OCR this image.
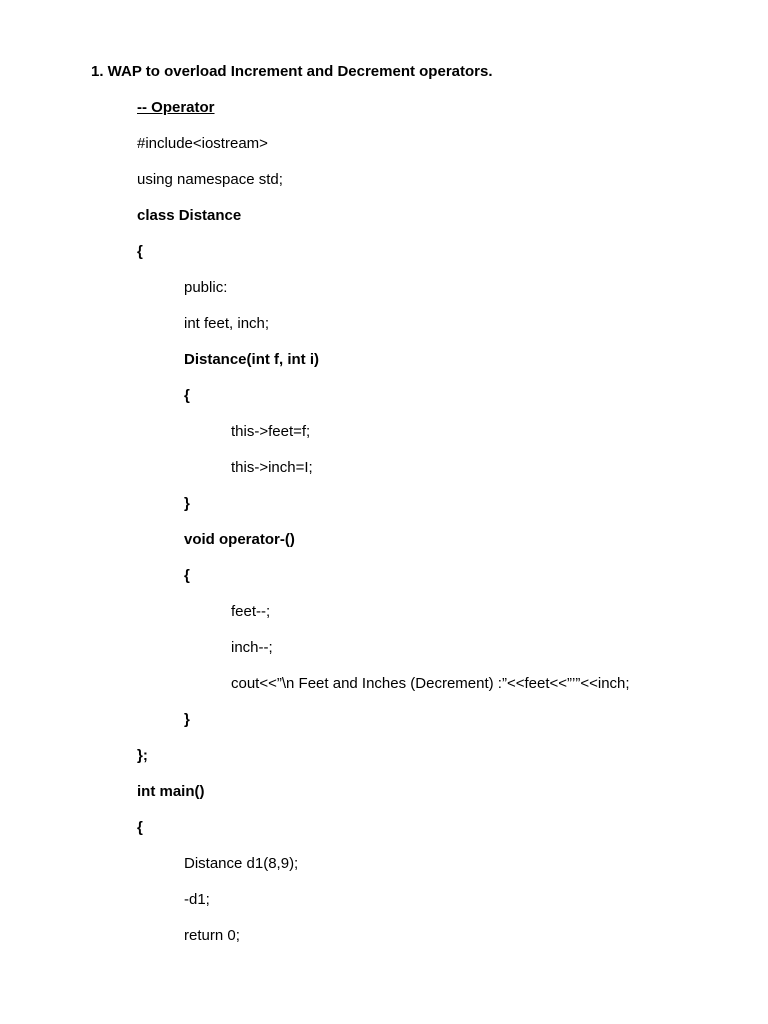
1. WAP to overload Increment and Decrement operators.
-- Operator
#include<iostream>
using namespace std;
class Distance
{
public:
int feet, inch;
Distance(int f, int i)
{
this->feet=f;
this->inch=I;
}
void operator-()
{
feet--;
inch--;
cout<<”\n Feet and Inches (Decrement) :”<<feet<<”’”<<inch;
}
};
int main()
{
Distance d1(8,9);
-d1;
return 0;
